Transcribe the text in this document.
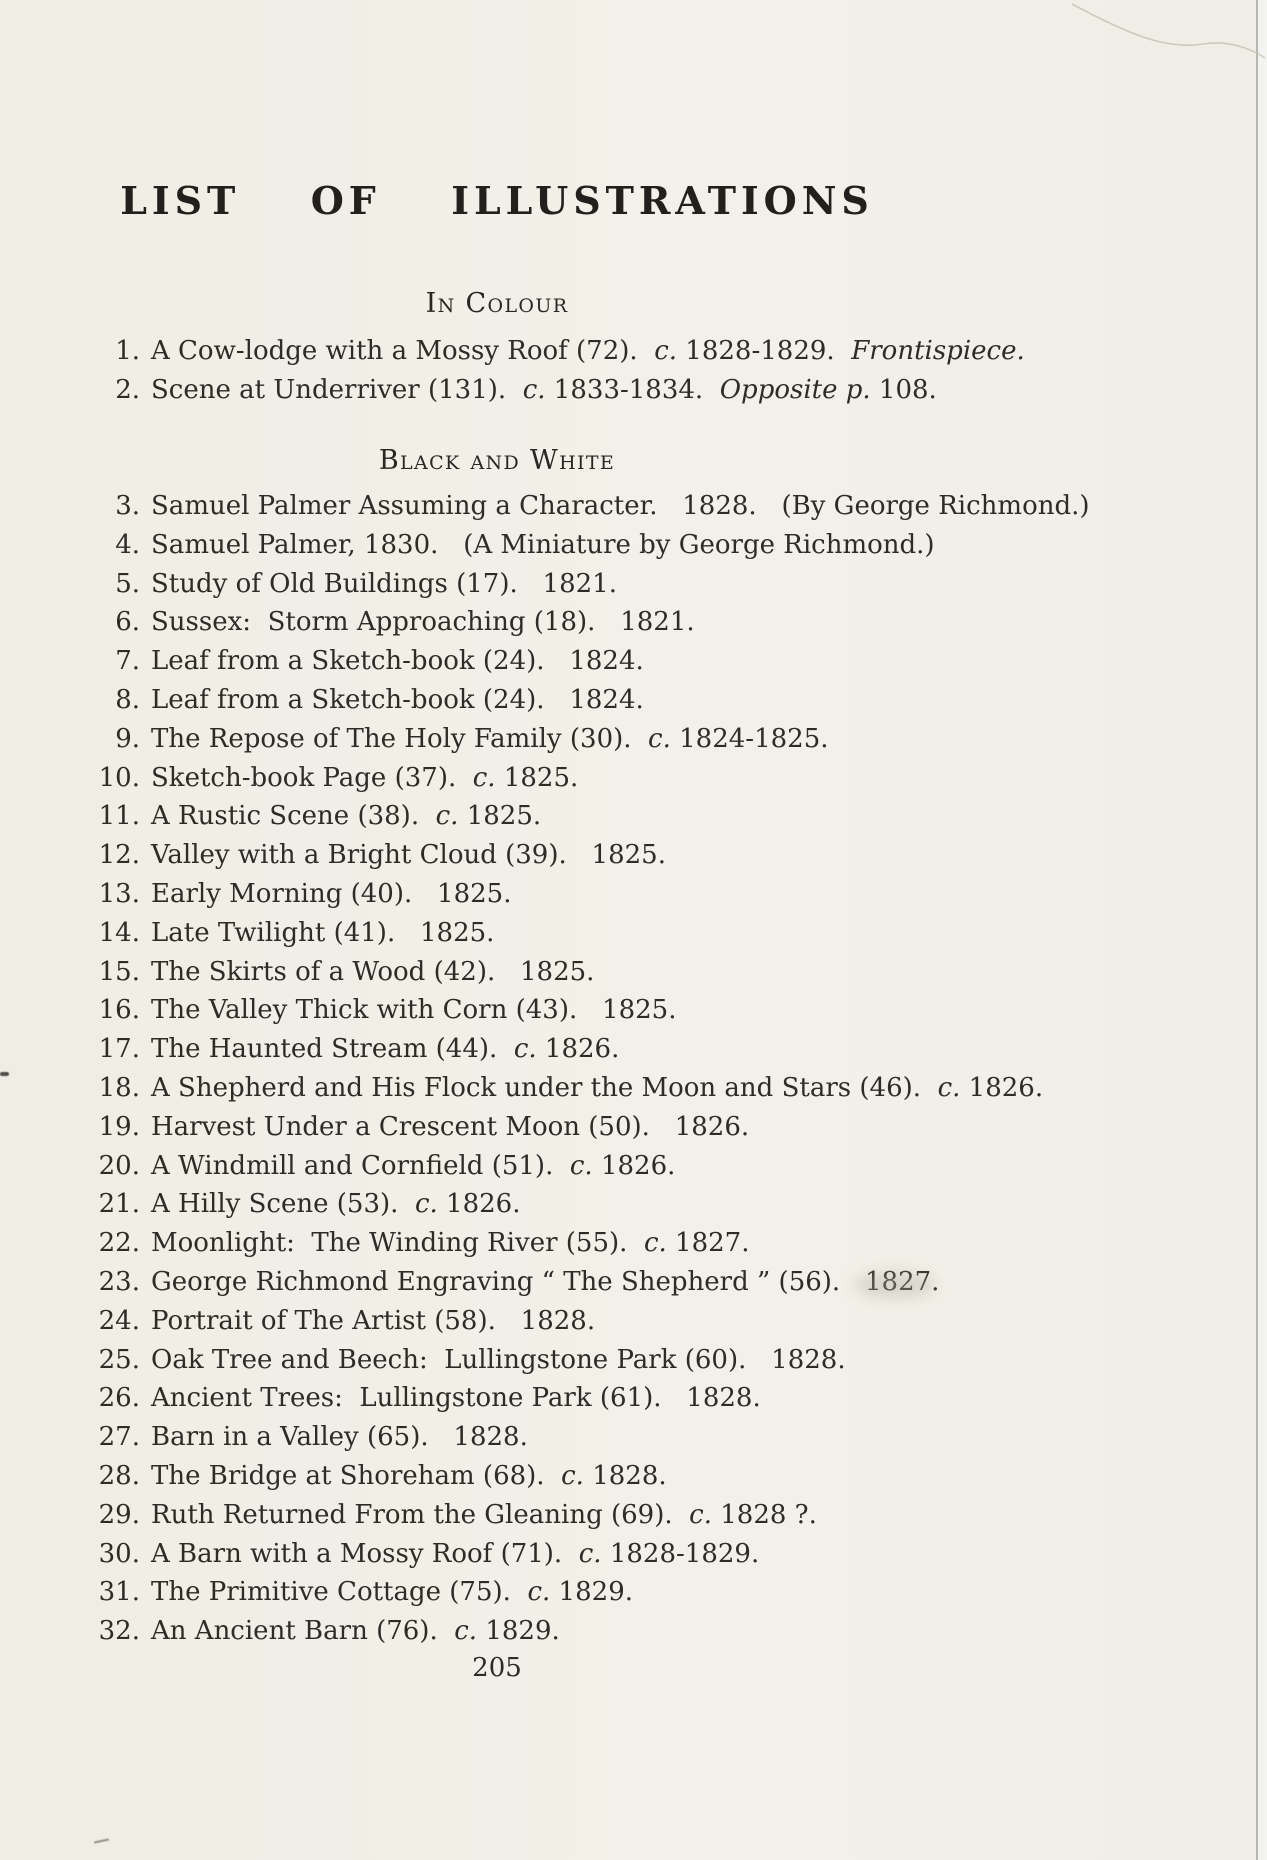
LIST  OF  ILLUSTRATIONS
In Colour
1. A Cow-lodge with a Mossy Roof (72).  c. 1828-1829.  Frontispiece.
2. Scene at Underriver (131).  c. 1833-1834.  Opposite p. 108.
Black and White
3. Samuel Palmer Assuming a Character.   1828.   (By George Richmond.)
4. Samuel Palmer, 1830.   (A Miniature by George Richmond.)
5. Study of Old Buildings (17).   1821.
6. Sussex:  Storm Approaching (18).   1821.
7. Leaf from a Sketch-book (24).   1824.
8. Leaf from a Sketch-book (24).   1824.
9. The Repose of The Holy Family (30).  c. 1824-1825.
10. Sketch-book Page (37).  c. 1825.
11. A Rustic Scene (38).  c. 1825.
12. Valley with a Bright Cloud (39).   1825.
13. Early Morning (40).   1825.
14. Late Twilight (41).   1825.
15. The Skirts of a Wood (42).   1825.
16. The Valley Thick with Corn (43).   1825.
17. The Haunted Stream (44).  c. 1826.
18. A Shepherd and His Flock under the Moon and Stars (46).  c. 1826.
19. Harvest Under a Crescent Moon (50).   1826.
20. A Windmill and Cornfield (51).  c. 1826.
21. A Hilly Scene (53).  c. 1826.
22. Moonlight:  The Winding River (55).  c. 1827.
23. George Richmond Engraving “ The Shepherd ” (56).   1827.
24. Portrait of The Artist (58).   1828.
25. Oak Tree and Beech:  Lullingstone Park (60).   1828.
26. Ancient Trees:  Lullingstone Park (61).   1828.
27. Barn in a Valley (65).   1828.
28. The Bridge at Shoreham (68).  c. 1828.
29. Ruth Returned From the Gleaning (69).  c. 1828 ?.
30. A Barn with a Mossy Roof (71).  c. 1828-1829.
31. The Primitive Cottage (75).  c. 1829.
32. An Ancient Barn (76).  c. 1829.
205
